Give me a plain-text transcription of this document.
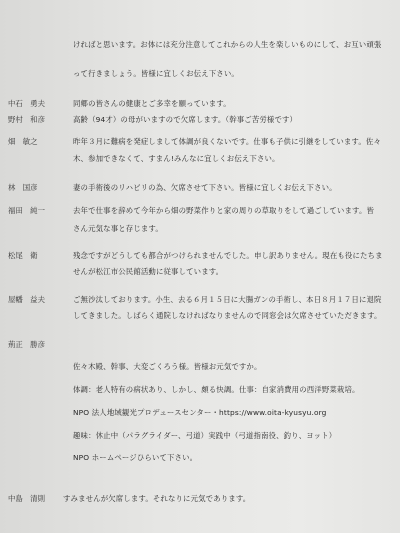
ければと思います。お体には充分注意してこれからの人生を楽しいものにして、お互い頑張
って行きましょう。皆様に宜しくお伝え下さい。
中石　勇夫	同郷の皆さんの健康とご多幸を願っています。
野村　和彦	高齢（94才）の母がいますので欠席します。（幹事ご苦労様です）
畑　敏之	昨年３月に難病を発症しまして体調が良くないです。仕事も子供に引継をしています。佐々
木、参加できなくて、すまん!みんなに宜しくお伝え下さい。
林　国彦	妻の手術後のリハビリの為、欠席させて下さい。皆様に宜しくお伝え下さい。
福田　純一	去年で仕事を辞めて今年から畑の野菜作りと家の周りの草取りをして過ごしています。皆
さん元気な事と存じます。
松尾　衛	残念ですがどうしても都合がつけられませんでした。申し訳ありません。現在も役にたちま
せんが松江市公民館活動に従事しています。
屋幡　益夫	ご無沙汰しております。小生、去る６月１５日に大腸ガンの手術し、本日８月１７日に退院
してきました。しばらく通院しなければなりませんので同窓会は欠席させていただきます。
荊正　勝彦
佐々木殿、幹事、大変ごくろう様。皆様お元気ですか。
体調：老人特有の病状あり、しかし、頗る快調。仕事：自家消費用の西洋野菜栽培。
NPO 法人地域観光プロデュースセンター・https://www.oita-kyusyu.org
趣味：休止中（パラグライダー、弓道）実践中（弓道指南役、釣り、ヨット）
NPO ホームページひらいて下さい。
中島　清則 すみませんが欠席します。それなりに元気であります。
